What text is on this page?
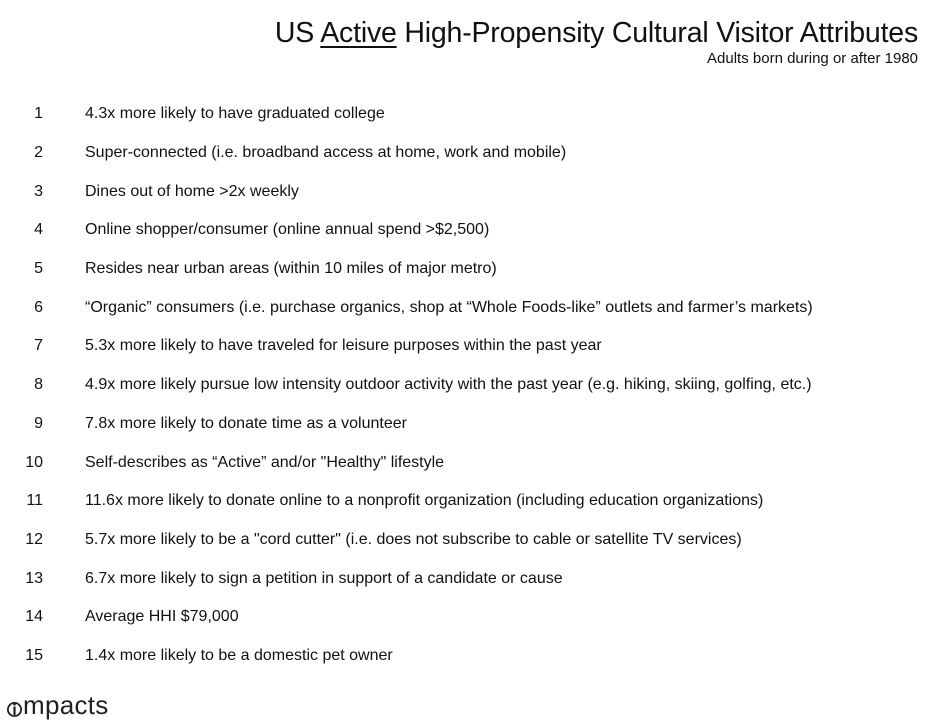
US Active High-Propensity Cultural Visitor Attributes
Adults born during or after 1980
1	4.3x more likely to have graduated college
2	Super-connected (i.e. broadband access at home, work and mobile)
3	Dines out of home >2x weekly
4	Online shopper/consumer (online annual spend >$2,500)
5	Resides near urban areas (within 10 miles of major metro)
6	“Organic” consumers (i.e. purchase organics, shop at “Whole Foods-like” outlets and farmer’s markets)
7	5.3x more likely to have traveled for leisure purposes within the past year
8	4.9x more likely pursue low intensity outdoor activity with the past year (e.g. hiking, skiing, golfing, etc.)
9	7.8x more likely to donate time as a volunteer
10	Self-describes as “Active” and/or "Healthy" lifestyle
11	11.6x more likely to donate online to a nonprofit organization (including education organizations)
12	5.7x more likely to be a "cord cutter" (i.e. does not subscribe to cable or satellite TV services)
13	6.7x more likely to sign a petition in support of a candidate or cause
14	Average HHI $79,000
15	1.4x more likely to be a domestic pet owner
mpacts
